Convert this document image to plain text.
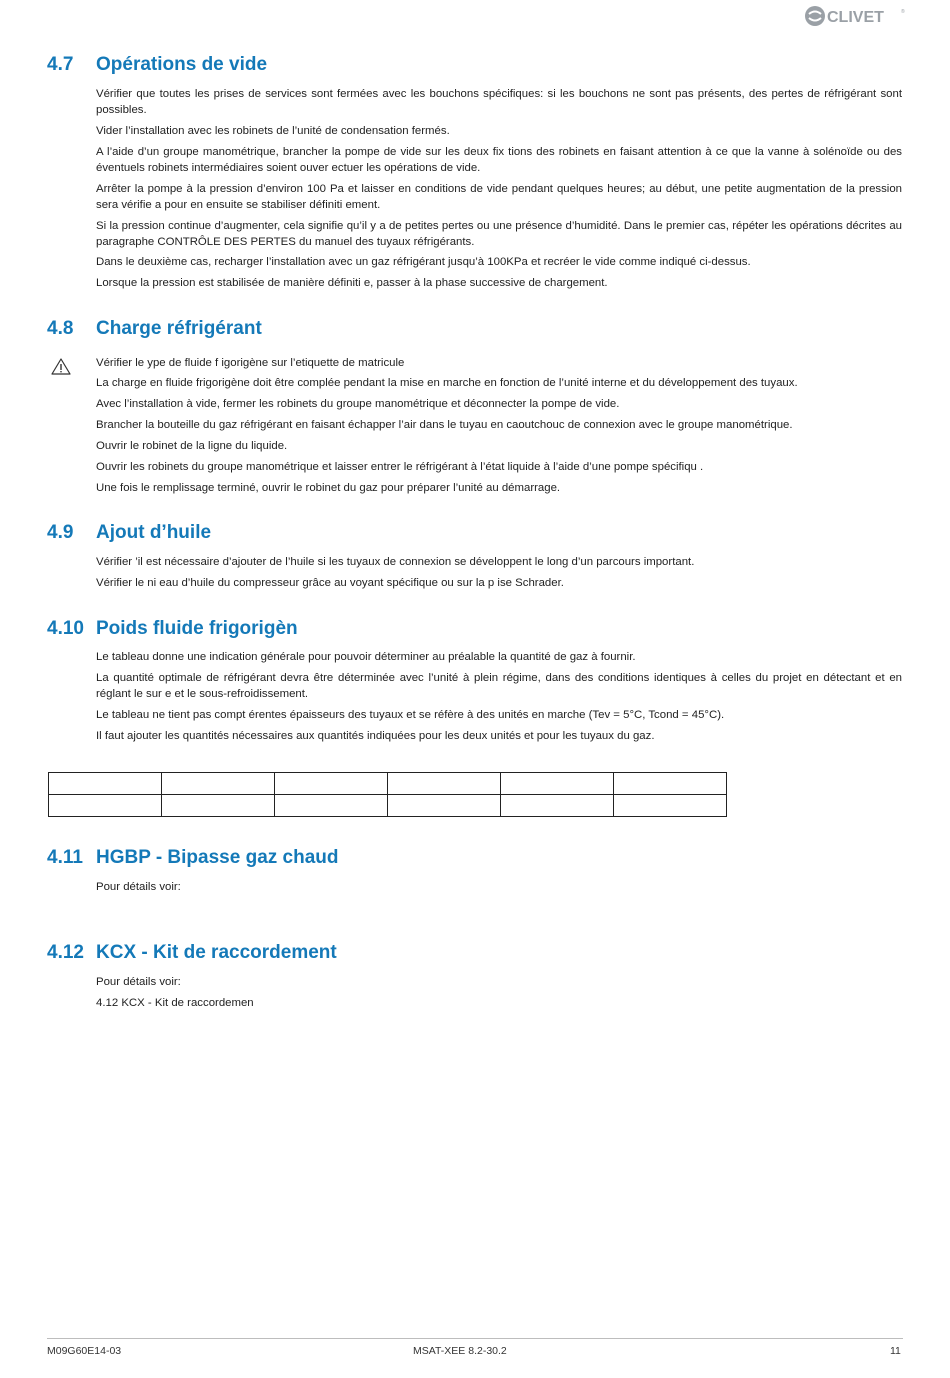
CLIVET	®
4.7 Opérations de vide

Vérifier que toutes les prises de services sont fermées avec les bouchons spécifiques: si les bouchons ne sont pas présents, des pertes de réfrigérant sont possibles.

Vider l’installation avec les robinets de l’unité de condensation fermés.

A l’aide d’un groupe manométrique, brancher la pompe de vide sur les deux fix tions des robinets en faisant attention à ce que la vanne à solénoïde ou des éventuels robinets intermédiaires soient ouver ectuer les opérations de vide.

Arrêter la pompe à la pression d’environ 100 Pa et laisser en conditions de vide pendant quelques heures; au début, une petite augmentation de la pression sera vérifie a pour en ensuite se stabiliser définiti ement.

Si la pression continue d’augmenter, cela signifie qu’il y a de petites pertes ou une présence d’humidité. Dans le premier cas, répéter les opérations décrites au paragraphe CONTRÔLE DES PERTES du manuel des tuyaux réfrigérants.

Dans le deuxième cas, recharger l’installation avec un gaz réfrigérant jusqu’à 100KPa et recréer le vide comme indiqué ci-dessus.

Lorsque la pression est stabilisée de manière définiti e, passer à la phase successive de chargement.

4.8 Charge réfrigérant

Vérifier le ype de fluide f igorigène sur l’etiquette de matricule

La charge en fluide frigorigène doit être complée pendant la mise en marche en fonction de l’unité interne et du développement des tuyaux.

Avec l’installation à vide, fermer les robinets du groupe manométrique et déconnecter la pompe de vide.

Brancher la bouteille du gaz réfrigérant en faisant échapper l’air dans le tuyau en caoutchouc de connexion avec le groupe manométrique.

Ouvrir le robinet de la ligne du liquide.

Ouvrir les robinets du groupe manométrique et laisser entrer le réfrigérant à l’état liquide à l’aide d’une pompe spécifiqu .

Une fois le remplissage terminé, ouvrir le robinet du gaz pour préparer l’unité au démarrage.

4.9 Ajout d’huile

Vérifier ’il est nécessaire d’ajouter de l’huile si les tuyaux de connexion se développent le long d’un parcours important.

Vérifier le ni eau d’huile du compresseur grâce au voyant spécifique ou sur la p ise Schrader.

4.10 Poids fluide frigorigèn

Le tableau donne une indication générale pour pouvoir déterminer au préalable la quantité de gaz à fournir.

La quantité optimale de réfrigérant devra être déterminée avec l’unité à plein régime, dans des conditions identiques à celles du projet en détectant et en réglant le sur e et le sous-refroidissement.

Le tableau ne tient pas compt érentes épaisseurs des tuyaux et se réfère à des unités en marche (Tev = 5°C, Tcond = 45°C).

Il faut ajouter les quantités nécessaires aux quantités indiquées pour les deux unités et pour les tuyaux du gaz.

4.11 HGBP - Bipasse gaz chaud

Pour détails voir:

4.12 KCX - Kit de raccordement

Pour détails voir:

4.12 KCX - Kit de raccordemen

M09G60E14-03	MSAT-XEE 8.2-30.2	11
